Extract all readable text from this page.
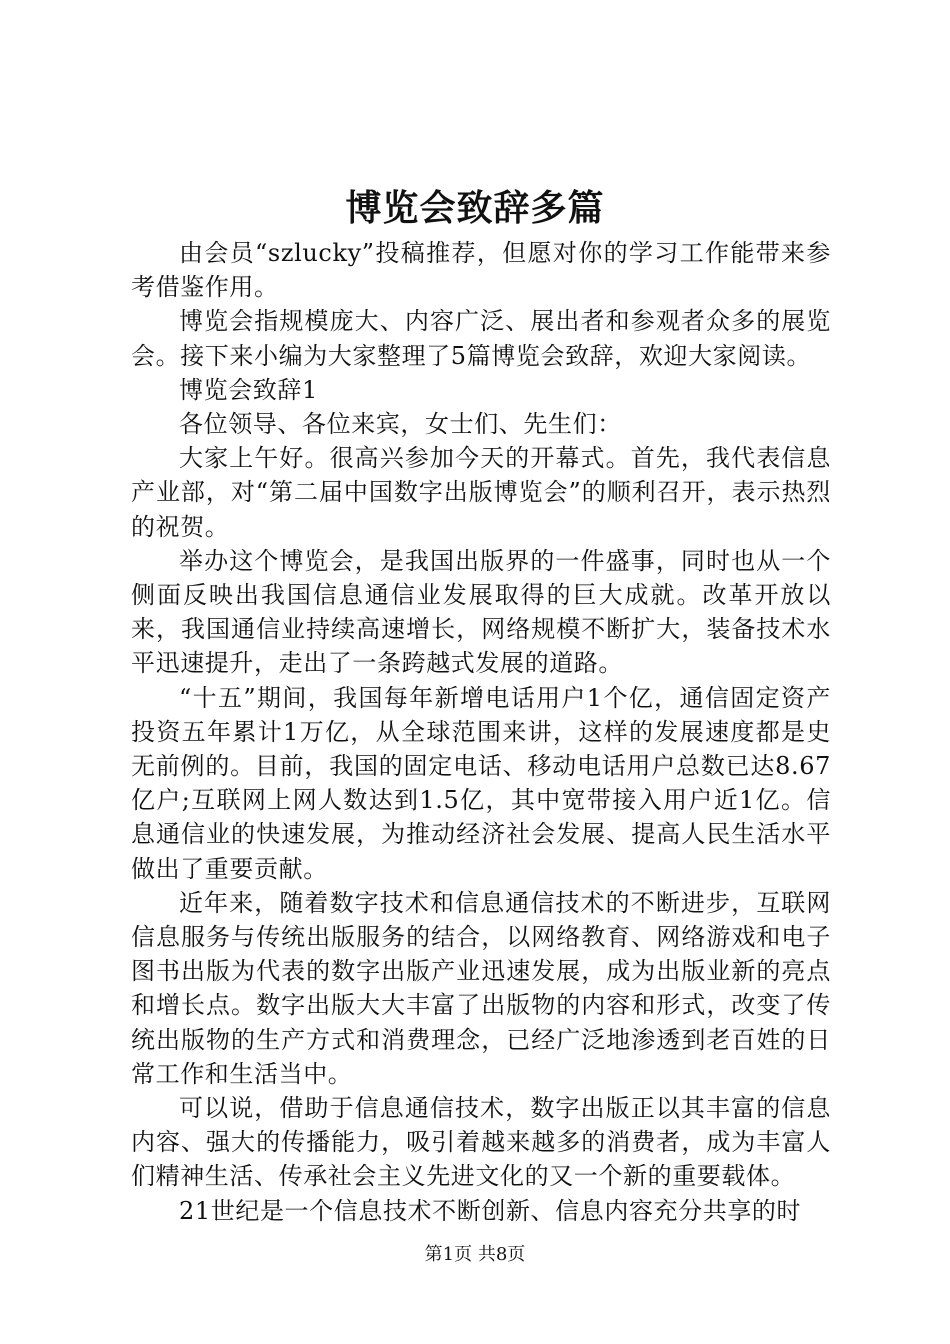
博览会致辞多篇

由会员“szlucky”投稿推荐，但愿对你的学习工作能带来参考借鉴作用。

博览会指规模庞大、内容广泛、展出者和参观者众多的展览会。接下来小编为大家整理了5篇博览会致辞，欢迎大家阅读。

博览会致辞1

各位领导、各位来宾，女士们、先生们：

大家上午好。很高兴参加今天的开幕式。首先，我代表信息产业部，对“第二届中国数字出版博览会”的顺利召开，表示热烈的祝贺。

举办这个博览会，是我国出版界的一件盛事，同时也从一个侧面反映出我国信息通信业发展取得的巨大成就。改革开放以来，我国通信业持续高速增长，网络规模不断扩大，装备技术水平迅速提升，走出了一条跨越式发展的道路。

“十五”期间，我国每年新增电话用户1个亿，通信固定资产投资五年累计1万亿，从全球范围来讲，这样的发展速度都是史无前例的。目前，我国的固定电话、移动电话用户总数已达8.67亿户;互联网上网人数达到1.5亿，其中宽带接入用户近1亿。信息通信业的快速发展，为推动经济社会发展、提高人民生活水平做出了重要贡献。

近年来，随着数字技术和信息通信技术的不断进步，互联网信息服务与传统出版服务的结合，以网络教育、网络游戏和电子图书出版为代表的数字出版产业迅速发展，成为出版业新的亮点和增长点。数字出版大大丰富了出版物的内容和形式，改变了传统出版物的生产方式和消费理念，已经广泛地渗透到老百姓的日常工作和生活当中。

可以说，借助于信息通信技术，数字出版正以其丰富的信息内容、强大的传播能力，吸引着越来越多的消费者，成为丰富人们精神生活、传承社会主义先进文化的又一个新的重要载体。

21世纪是一个信息技术不断创新、信息内容充分共享的时

第1页 共8页
